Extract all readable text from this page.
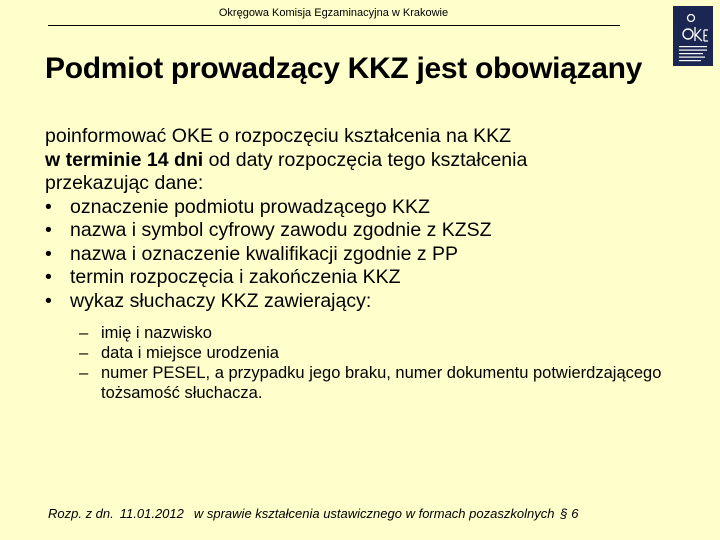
Okręgowa Komisja Egzaminacyjna w Krakowie
Podmiot prowadzący KKZ jest obowiązany

poinformować OKE o rozpoczęciu kształcenia na KKZ

w terminie 14 dni od daty rozpoczęcia tego kształcenia

przekazując dane:

• oznaczenie podmiotu prowadzącego KKZ
• nazwa i symbol cyfrowy zawodu zgodnie z KZSZ
• nazwa i oznaczenie kwalifikacji zgodnie z PP
• termin rozpoczęcia i zakończenia KKZ
• wykaz słuchaczy KKZ zawierający:
– imię i nazwisko
– data i miejsce urodzenia
– numer PESEL, a przypadku jego braku, numer dokumentu potwierdzającego tożsamość słuchacza.
Rozp. z dn. 11.01.2012 w sprawie kształcenia ustawicznego w formach pozaszkolnych § 6
